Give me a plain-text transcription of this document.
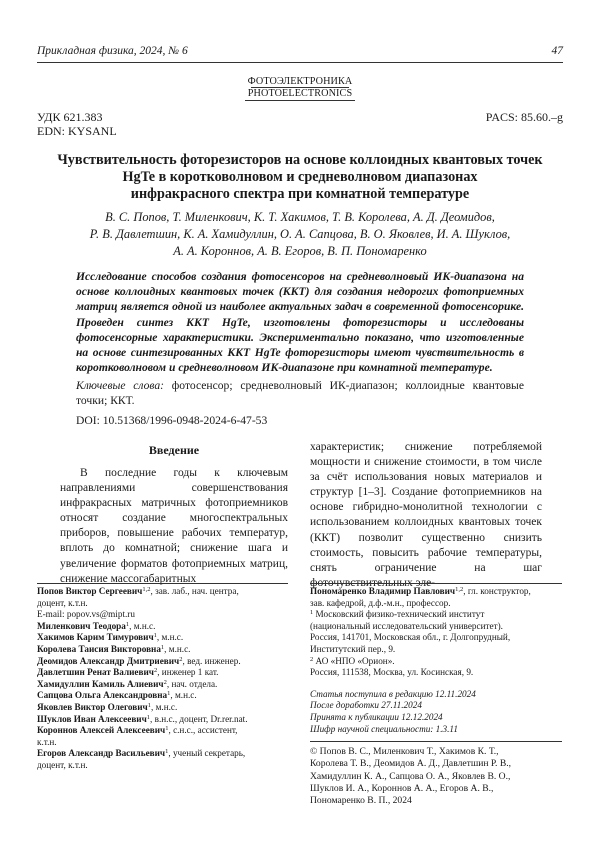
Прикладная физика, 2024, № 6	47
ФОТОЭЛЕКТРОНИКА
PHOTOELECTRONICS
УДК 621.383
EDN: KYSANL
PACS: 85.60.–g
Чувствительность фоторезисторов на основе коллоидных квантовых точек
HgTe в коротковолновом и средневолновом диапазонах
инфракрасного спектра при комнатной температуре
В. С. Попов, Т. Миленкович, К. Т. Хакимов, Т. В. Королева, А. Д. Деомидов,
Р. В. Давлетшин, К. А. Хамидуллин, О. А. Сапцова, В. О. Яковлев, И. А. Шуклов,
А. А. Короннов, А. В. Егоров, В. П. Пономаренко
Исследование способов создания фотосенсоров на средневолновый ИК-диапазона на основе коллоидных квантовых точек (ККТ) для создания недорогих фотоприемных матриц является одной из наиболее актуальных задач в современной фотосенсорике. Проведен синтез ККТ HgTe, изготовлены фоторезисторы и исследованы фотосенсорные характеристики. Экспериментально показано, что изготовленные на основе синтезированных ККТ HgTe фоторезисторы имеют чувствительность в коротковолновом и средневолновом ИК-диапазоне при комнатной температуре.
Ключевые слова: фотосенсор; средневолновый ИК-диапазон; коллоидные квантовые точки; ККТ.
DOI: 10.51368/1996-0948-2024-6-47-53
Введение

В последние годы к ключевым направлениями совершенствования инфракрасных матричных фотоприемников относят создание многоспектральных приборов, повышение рабочих температур, вплоть до комнатной; снижение шага и увеличение форматов фотоприемных матриц, снижение массогабаритных

характеристик; снижение потребляемой мощности и снижение стоимости, в том числе за счёт использования новых материалов и структур [1–3]. Создание фотоприемников на основе гибридно-монолитной технологии с использованием коллоидных квантовых точек (ККТ) позволит существенно снизить стоимость, повысить рабочие температуры, снять ограничение на шаг фоточувствительных эле-

Попов Виктор Сергеевич$^{1,2}$, зав. лаб., нач. центра,
доцент, к.т.н.
E-mail: popov.vs@mipt.ru
Миленкович Теодора$^1$, м.н.с.
Хакимов Карим Тимурович$^1$, м.н.с.
Королева Таисия Викторовна$^1$, м.н.с.
Деомидов Александр Дмитриевич$^2$, вед. инженер.
Давлетшин Ренат Валиевич$^2$, инженер 1 кат.
Хамидуллин Камиль Алиевич$^2$, нач. отдела.
Сапцова Ольга Александровна$^1$, м.н.с.
Яковлев Виктор Олегович$^1$, м.н.с.
Шуклов Иван Алексеевич$^1$, в.н.с., доцент, Dr.rer.nat.
Короннов Алексей Алексеевич$^1$, с.н.с., ассистент,
к.т.н.
Егоров Александр Васильевич$^1$, ученый секретарь,
доцент, к.т.н.
Пономаренко Владимир Павлович$^{1,2}$, гл. конструктор,
зав. кафедрой, д.ф.-м.н., профессор.
$^1$ Московский физико-технический институт
(национальный исследовательский университет).
Россия, 141701, Московская обл., г. Долгопрудный,
Институтский пер., 9.
$^2$ АО «НПО «Орион».
Россия, 111538, Москва, ул. Косинская, 9.
Статья поступила в редакцию 12.11.2024
После доработки 27.11.2024
Принята к публикации 12.12.2024
Шифр научной специальности: 1.3.11
© Попов В. С., Миленкович Т., Хакимов К. Т.,
Королева Т. В., Деомидов А. Д., Давлетшин Р. В.,
Хамидуллин К. А., Сапцова О. А., Яковлев В. О.,
Шуклов И. А., Короннов А. А., Егоров А. В.,
Пономаренко В. П., 2024
